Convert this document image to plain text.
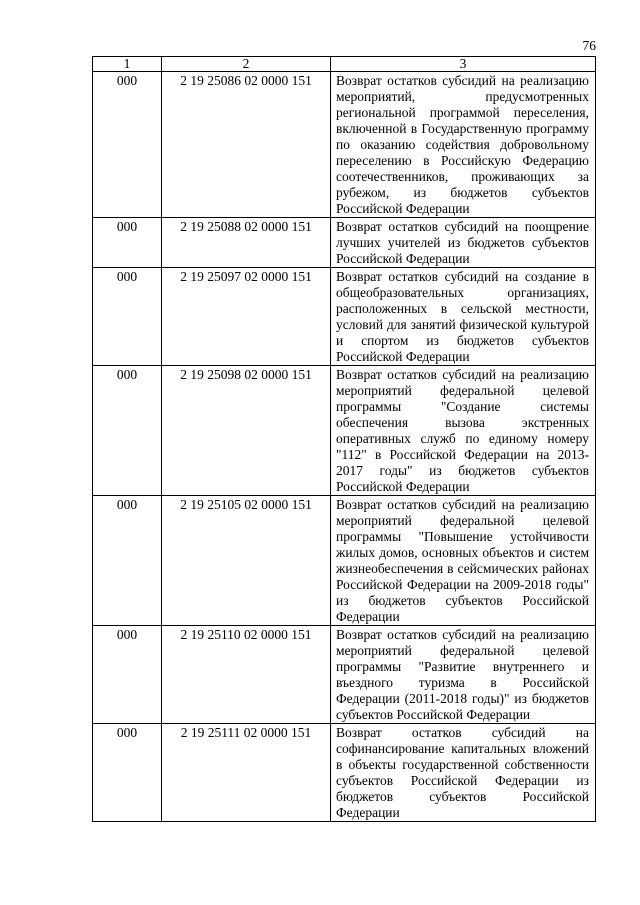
76
1	2	3
000	2 19 25086 02 0000 151	Возврат остатков субсидий на реализацию мероприятий, предусмотренных региональной программой переселения, включенной в Государственную программу по оказанию содействия добровольному переселению в Российскую Федерацию соотечественников, проживающих за рубежом, из бюджетов субъектов Российской Федерации
000	2 19 25088 02 0000 151	Возврат остатков субсидий на поощрение лучших учителей из бюджетов субъектов Российской Федерации
000	2 19 25097 02 0000 151	Возврат остатков субсидий на создание в общеобразовательных организациях, расположенных в сельской местности, условий для занятий физической культурой и спортом из бюджетов субъектов Российской Федерации
000	2 19 25098 02 0000 151	Возврат остатков субсидий на реализацию мероприятий федеральной целевой программы "Создание системы обеспечения вызова экстренных оперативных служб по единому номеру "112" в Российской Федерации на 2013-2017 годы" из бюджетов субъектов Российской Федерации
000	2 19 25105 02 0000 151	Возврат остатков субсидий на реализацию мероприятий федеральной целевой программы "Повышение устойчивости жилых домов, основных объектов и систем жизнеобеспечения в сейсмических районах Российской Федерации на 2009-2018 годы" из бюджетов субъектов Российской Федерации
000	2 19 25110 02 0000 151	Возврат остатков субсидий на реализацию мероприятий федеральной целевой программы "Развитие внутреннего и въездного туризма в Российской Федерации (2011-2018 годы)" из бюджетов субъектов Российской Федерации
000	2 19 25111 02 0000 151	Возврат остатков субсидий на софинансирование капитальных вложений в объекты государственной собственности субъектов Российской Федерации из бюджетов субъектов Российской Федерации
